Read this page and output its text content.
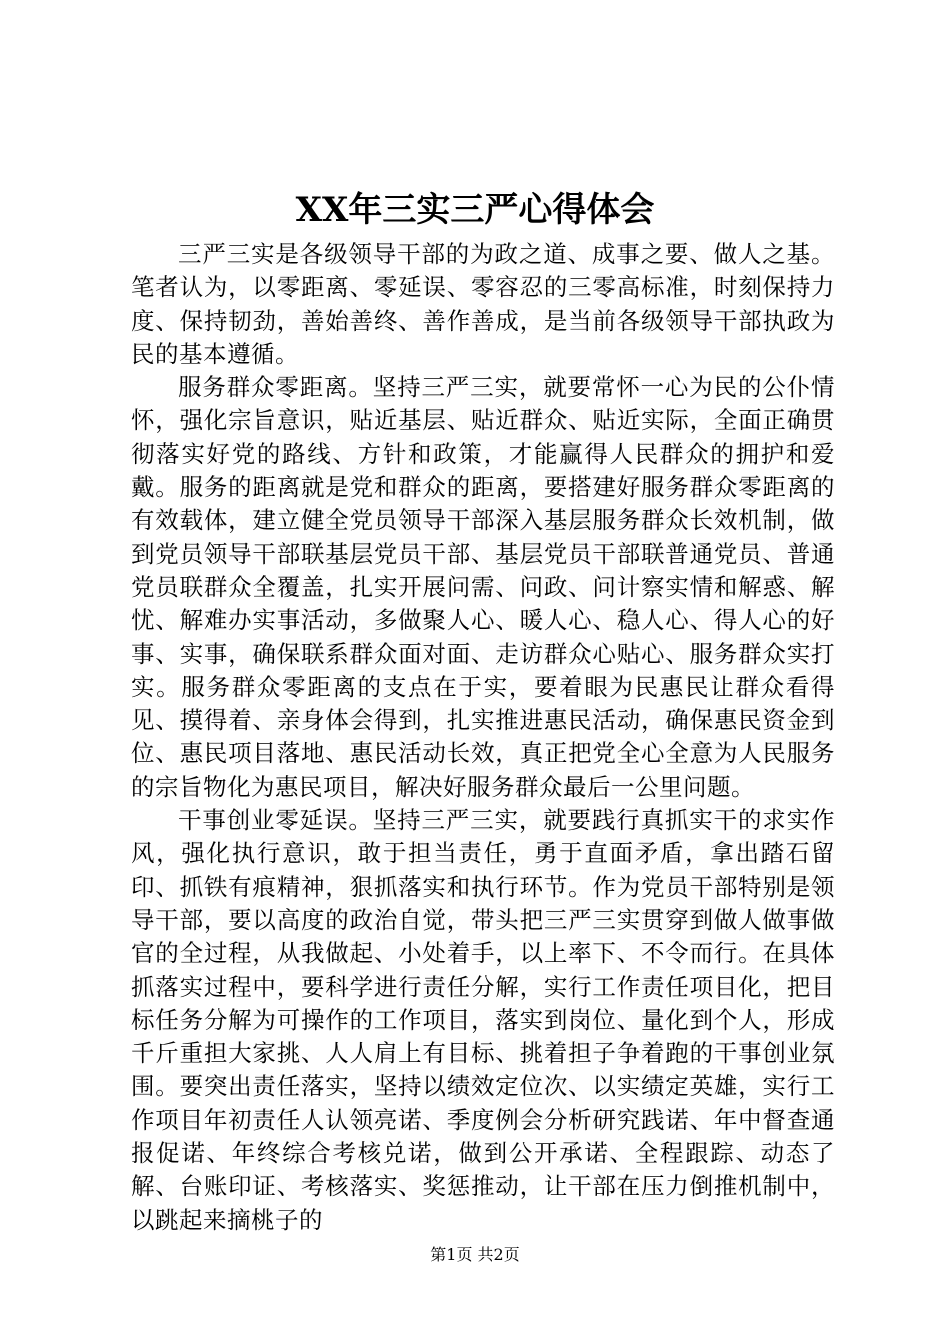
XX年三实三严心得体会

三严三实是各级领导干部的为政之道、成事之要、做人之基。笔者认为，以零距离、零延误、零容忍的三零高标准，时刻保持力度、保持韧劲，善始善终、善作善成，是当前各级领导干部执政为民的基本遵循。

服务群众零距离。坚持三严三实，就要常怀一心为民的公仆情怀，强化宗旨意识，贴近基层、贴近群众、贴近实际，全面正确贯彻落实好党的路线、方针和政策，才能赢得人民群众的拥护和爱戴。服务的距离就是党和群众的距离，要搭建好服务群众零距离的有效载体，建立健全党员领导干部深入基层服务群众长效机制，做到党员领导干部联基层党员干部、基层党员干部联普通党员、普通党员联群众全覆盖，扎实开展问需、问政、问计察实情和解惑、解忧、解难办实事活动，多做聚人心、暖人心、稳人心、得人心的好事、实事，确保联系群众面对面、走访群众心贴心、服务群众实打实。服务群众零距离的支点在于实，要着眼为民惠民让群众看得见、摸得着、亲身体会得到，扎实推进惠民活动，确保惠民资金到位、惠民项目落地、惠民活动长效，真正把党全心全意为人民服务的宗旨物化为惠民项目，解决好服务群众最后一公里问题。

干事创业零延误。坚持三严三实，就要践行真抓实干的求实作风，强化执行意识，敢于担当责任，勇于直面矛盾，拿出踏石留印、抓铁有痕精神，狠抓落实和执行环节。作为党员干部特别是领导干部，要以高度的政治自觉，带头把三严三实贯穿到做人做事做官的全过程，从我做起、小处着手，以上率下、不令而行。在具体抓落实过程中，要科学进行责任分解，实行工作责任项目化，把目标任务分解为可操作的工作项目，落实到岗位、量化到个人，形成千斤重担大家挑、人人肩上有目标、挑着担子争着跑的干事创业氛围。要突出责任落实，坚持以绩效定位次、以实绩定英雄，实行工作项目年初责任人认领亮诺、季度例会分析研究践诺、年中督查通报促诺、年终综合考核兑诺，做到公开承诺、全程跟踪、动态了解、台账印证、考核落实、奖惩推动，让干部在压力倒推机制中，以跳起来摘桃子的

第1页 共2页
